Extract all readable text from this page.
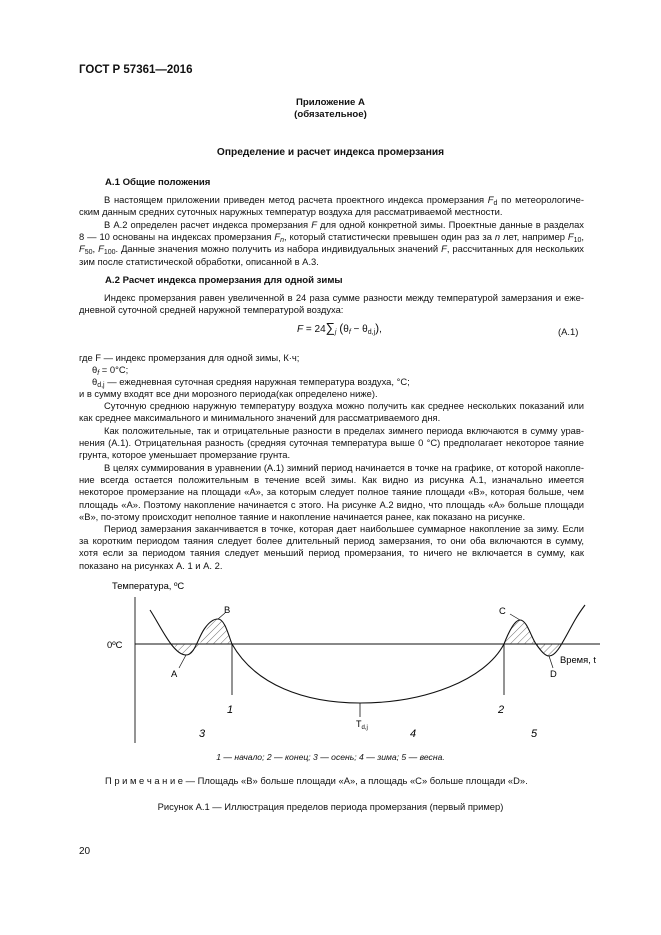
ГОСТ Р 57361—2016
Приложение А
(обязательное)
Определение и расчет индекса промерзания
А.1 Общие положения
В настоящем приложении приведен метод расчета проектного индекса промерзания $F_d$ по метеорологиче-ским данным средних суточных наружных температур воздуха для рассматриваемой местности.
В А.2 определен расчет индекса промерзания F для одной конкретной зимы. Проектные данные в разделах 8 — 10 основаны на индексах промерзания $F_n$, который статистически превышен один раз за n лет, например $F_{10}$, $F_{50}$, $F_{100}$. Данные значения можно получить из набора индивидуальных значений F, рассчитанных для нескольких зим после статистической обработки, описанной в А.3.
А.2 Расчет индекса промерзания для одной зимы
Индекс промерзания равен увеличенной в 24 раза сумме разности между температурой замерзания и еже-дневной суточной средней наружной температурой воздуха:
$F = 24\sum_j$ $(\theta_f - \theta_{d,j})$,	(А.1)
где F — индекс промерзания для одной зимы, К·ч;
$\theta_f = 0^\circ С$;
$\theta_{d,j}$ — ежедневная суточная средняя наружная температура воздуха, °С;
и в сумму входят все дни морозного периода(как определено ниже).
Суточную среднюю наружную температуру воздуха можно получить как среднее нескольких показаний или как среднее максимального и минимального значений для рассматриваемого дня.
Как положительные, так и отрицательные разности в пределах зимнего периода включаются в сумму урав-нения (А.1). Отрицательная разность (средняя суточная температура выше 0 °С) предполагает некоторое таяние грунта, которое уменьшает промерзание грунта.
В целях суммирования в уравнении (А.1) зимний период начинается в точке на графике, от которой накопле-ние всегда остается положительным в течение всей зимы. Как видно из рисунка А.1, изначально имеется некоторое промерзание на площади «А», за которым следует полное таяние площади «В», которая больше, чем площадь «А». Поэтому накопление начинается с этого. На рисунке А.2 видно, что площадь «А» больше площади «В», по-этому происходит неполное таяние и накопление начинается ранее, как показано на рисунке.
Период замерзания заканчивается в точке, которая дает наибольшее суммарное накопление за зиму. Если за коротким периодом таяния следует более длительный период замерзания, то они оба включаются в сумму, хотя если за периодом таяния следует меньший период промерзания, то ничего не включается в сумму, как показано на рисунках А. 1 и А. 2.
Температура, ºС
0ºС
Время, t
A
B	C
D
1	2
$T_{d,j}$
3	4	5
1 — начало; 2 — конец; 3 — осень; 4 — зима; 5 — весна.
П р и м е ч а н и е — Площадь «В» больше площади «А», а площадь «С» больше площади «D».
Рисунок А.1 — Иллюстрация пределов периода промерзания (первый пример)
20
